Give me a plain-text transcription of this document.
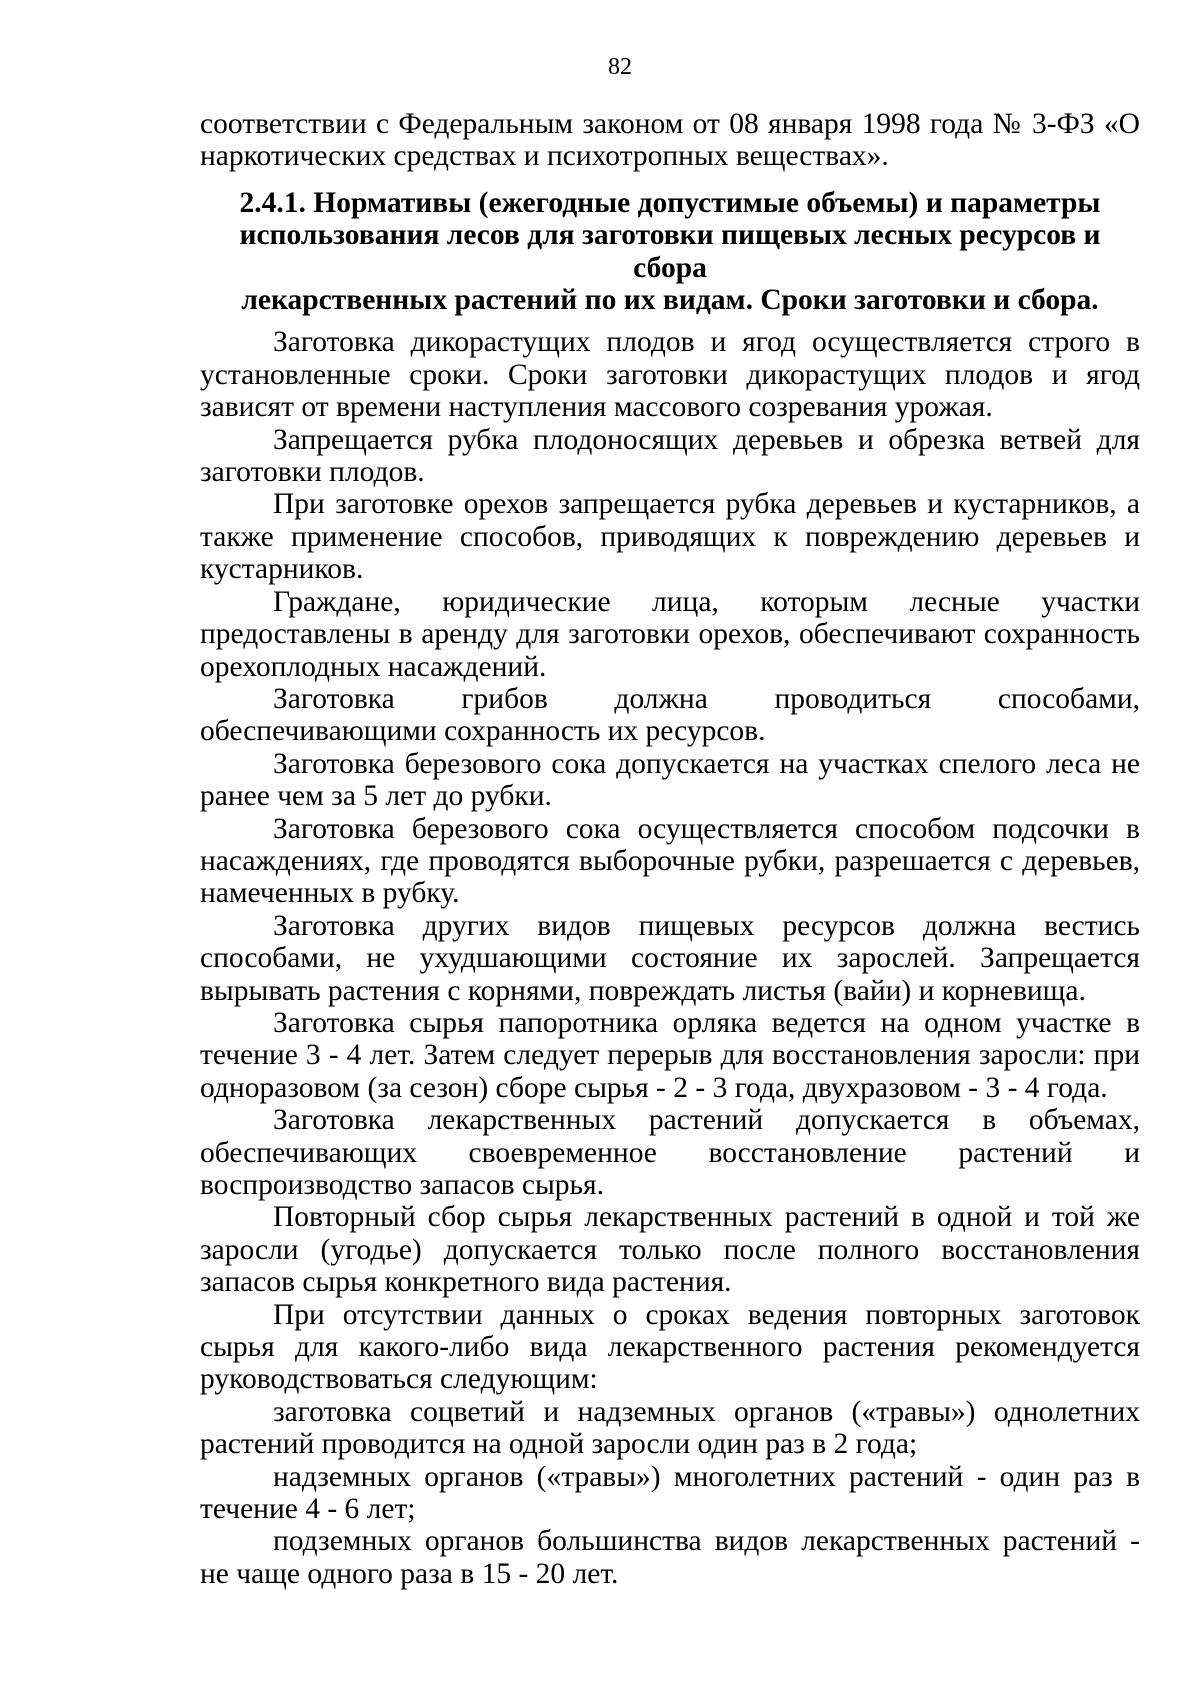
82

соответствии с Федеральным законом от 08 января 1998 года № 3-ФЗ «О наркотических средствах и психотропных веществах».

2.4.1. Нормативы (ежегодные допустимые объемы) и параметры
использования лесов для заготовки пищевых лесных ресурсов и сбора
лекарственных растений по их видам. Сроки заготовки и сбора.

Заготовка дикорастущих плодов и ягод осуществляется строго в установленные сроки. Сроки заготовки дикорастущих плодов и ягод зависят от времени наступления массового созревания урожая.

Запрещается рубка плодоносящих деревьев и обрезка ветвей для заготовки плодов.

При заготовке орехов запрещается рубка деревьев и кустарников, а также применение способов, приводящих к повреждению деревьев и кустарников.

Граждане, юридические лица, которым лесные участки предоставлены в аренду для заготовки орехов, обеспечивают сохранность орехоплодных насаждений.

Заготовка грибов должна проводиться способами, обеспечивающими сохранность их ресурсов.

Заготовка березового сока допускается на участках спелого леса не ранее чем за 5 лет до рубки.

Заготовка березового сока осуществляется способом подсочки в насаждениях, где проводятся выборочные рубки, разрешается с деревьев, намеченных в рубку.

Заготовка других видов пищевых ресурсов должна вестись способами, не ухудшающими состояние их зарослей. Запрещается вырывать растения с корнями, повреждать листья (вайи) и корневища.

Заготовка сырья папоротника орляка ведется на одном участке в течение 3 - 4 лет. Затем следует перерыв для восстановления заросли: при одноразовом (за сезон) сборе сырья - 2 - 3 года, двухразовом - 3 - 4 года.

Заготовка лекарственных растений допускается в объемах, обеспечивающих своевременное восстановление растений и воспроизводство запасов сырья.

Повторный сбор сырья лекарственных растений в одной и той же заросли (угодье) допускается только после полного восстановления запасов сырья конкретного вида растения.

При отсутствии данных о сроках ведения повторных заготовок сырья для какого-либо вида лекарственного растения рекомендуется руководствоваться следующим:

заготовка соцветий и надземных органов («травы») однолетних растений проводится на одной заросли один раз в 2 года;

надземных органов («травы») многолетних растений - один раз в течение 4 - 6 лет;

подземных органов большинства видов лекарственных растений - не чаще одного раза в 15 - 20 лет.
